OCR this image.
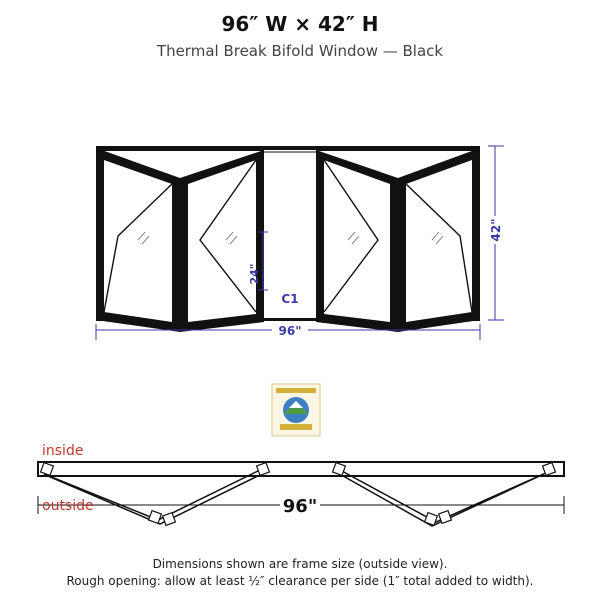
96″ W × 42″ H
Thermal Break Bifold Window — Black
24"
C1
96"
42"
inside
96"
outside
Dimensions shown are frame size (outside view).
Rough opening: allow at least ½″ clearance per side (1″ total added to width).
